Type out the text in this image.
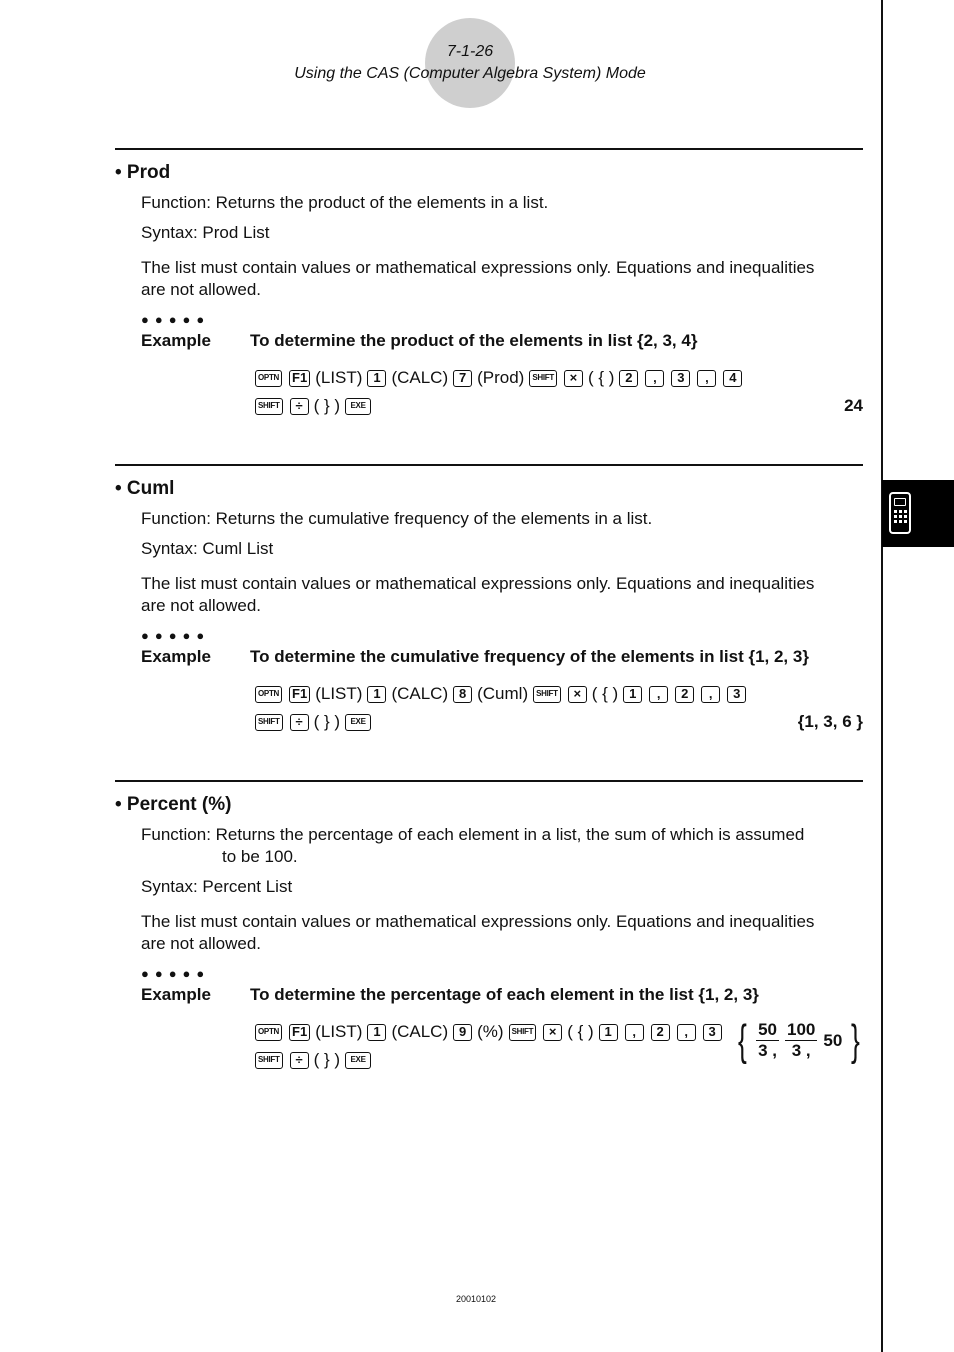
7-1-26
Using the CAS (Computer Algebra System) Mode
• Prod
Function: Returns the product of the elements in a list.
Syntax: Prod List
The list must contain values or mathematical expressions only. Equations and inequalities
are not allowed.
●●●●●
Example	To determine the product of the elements in list {2, 3, 4}
OPTN F1 (LIST) 1 (CALC) 7 (Prod)	SHIFT	× ( { ) 2	,	3	,	4
SHIFT	÷ ( } )	EXE	24
• Cuml
Function: Returns the cumulative frequency of the elements in a list.
Syntax: Cuml List
The list must contain values or mathematical expressions only. Equations and inequalities
are not allowed.
●●●●●
Example	To determine the cumulative frequency of the elements in list {1, 2, 3}
OPTN F1 (LIST) 1 (CALC) 8 (Cuml)	SHIFT	× ( { ) 1	,	2	,	3
SHIFT	÷ ( } )	EXE	{1, 3, 6 }
• Percent (%)
Function: Returns the percentage of each element in a list, the sum of which is assumed
to be 100.
Syntax: Percent List
The list must contain values or mathematical expressions only. Equations and inequalities
are not allowed.
●●●●●
Example	To determine the percentage of each element in the list {1, 2, 3}
OPTN F1 (LIST) 1 (CALC) 9 (%)	SHIFT	× ( { ) 1	,	2	,	3
SHIFT	÷ ( } )	EXE	{ $\frac{50}{3 ,} \frac{100}{3 ,} 50$ }
20010102
